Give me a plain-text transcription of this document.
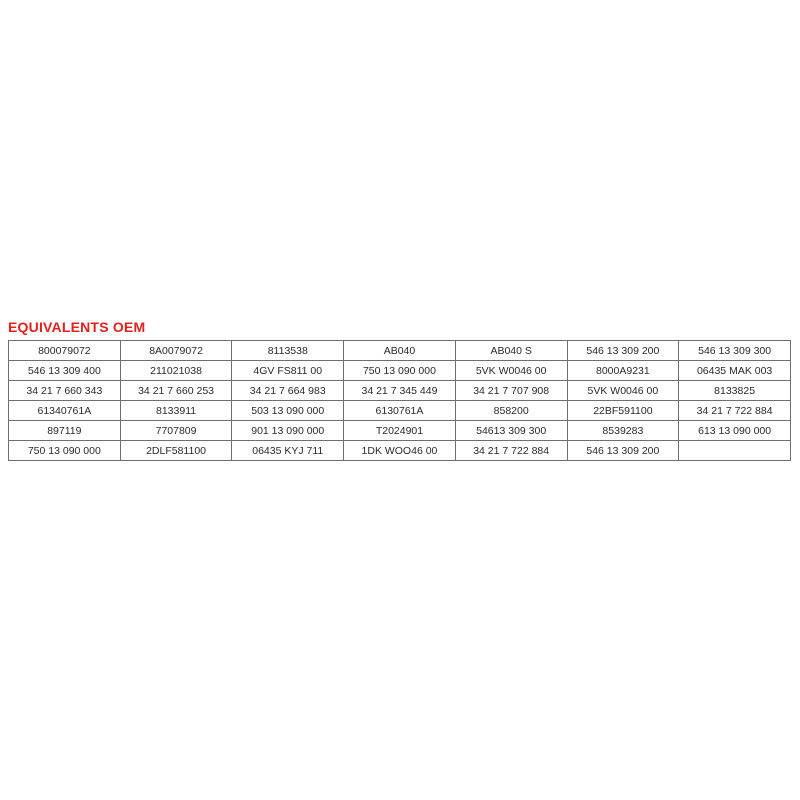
EQUIVALENTS OEM
800079072	8A0079072	8113538	AB040	AB040 S	546 13 309 200	546 13 309 300
546 13 309 400	211021038	4GV FS811 00	750 13 090 000	5VK W0046 00	8000A9231	06435 MAK 003
34 21 7 660 343	34 21 7 660 253	34 21 7 664 983	34 21 7 345 449	34 21 7 707 908	5VK W0046 00	8133825
61340761A	8133911	503 13 090 000	6130761A	858200	22BF591100	34 21 7 722 884
897119	7707809	901 13 090 000	T2024901	54613 309 300	8539283	613 13 090 000
750 13 090 000	2DLF581100	06435 KYJ 711	1DK WOO46 00	34 21 7 722 884	546 13 309 200	
